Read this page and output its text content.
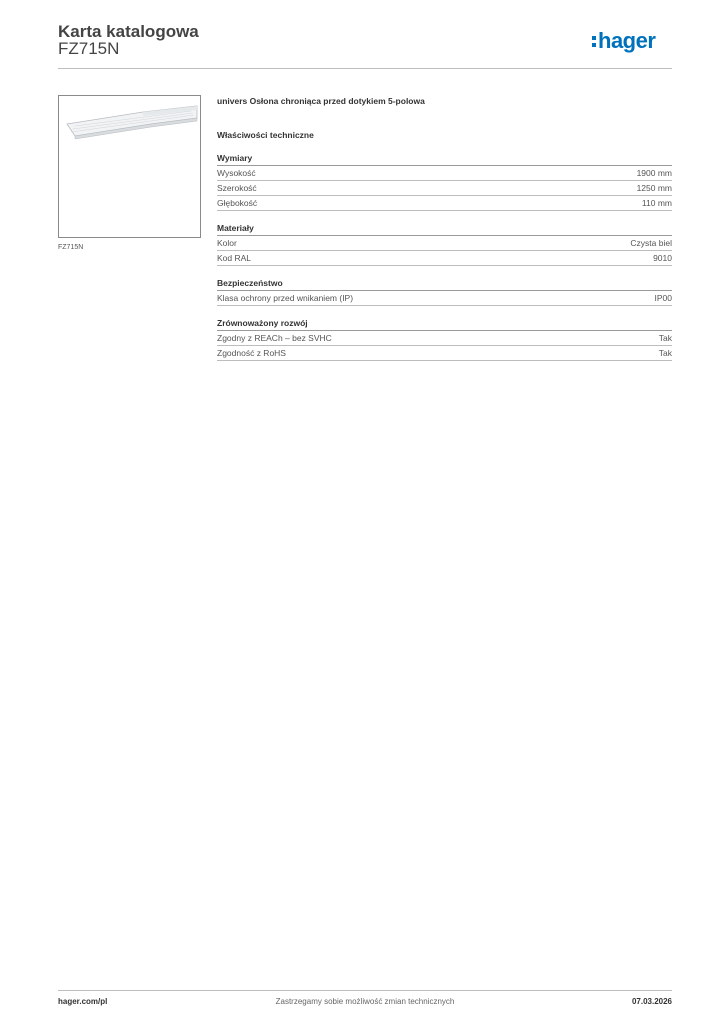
Karta katalogowa
FZ715N	hager
FZ715N
univers Osłona chroniąca przed dotykiem 5-polowa
Właściwości techniczne
Wymiary
Wysokość	1900 mm
Szerokość	1250 mm
Głębokość	110 mm
Materiały
Kolor	Czysta biel
Kod RAL	9010
Bezpieczeństwo
Klasa ochrony przed wnikaniem (IP)	IP00
Zrównoważony rozwój
Zgodny z REACh – bez SVHC	Tak
Zgodność z RoHS	Tak
hager.com/pl	Zastrzegamy sobie możliwość zmian technicznych	07.03.2026
